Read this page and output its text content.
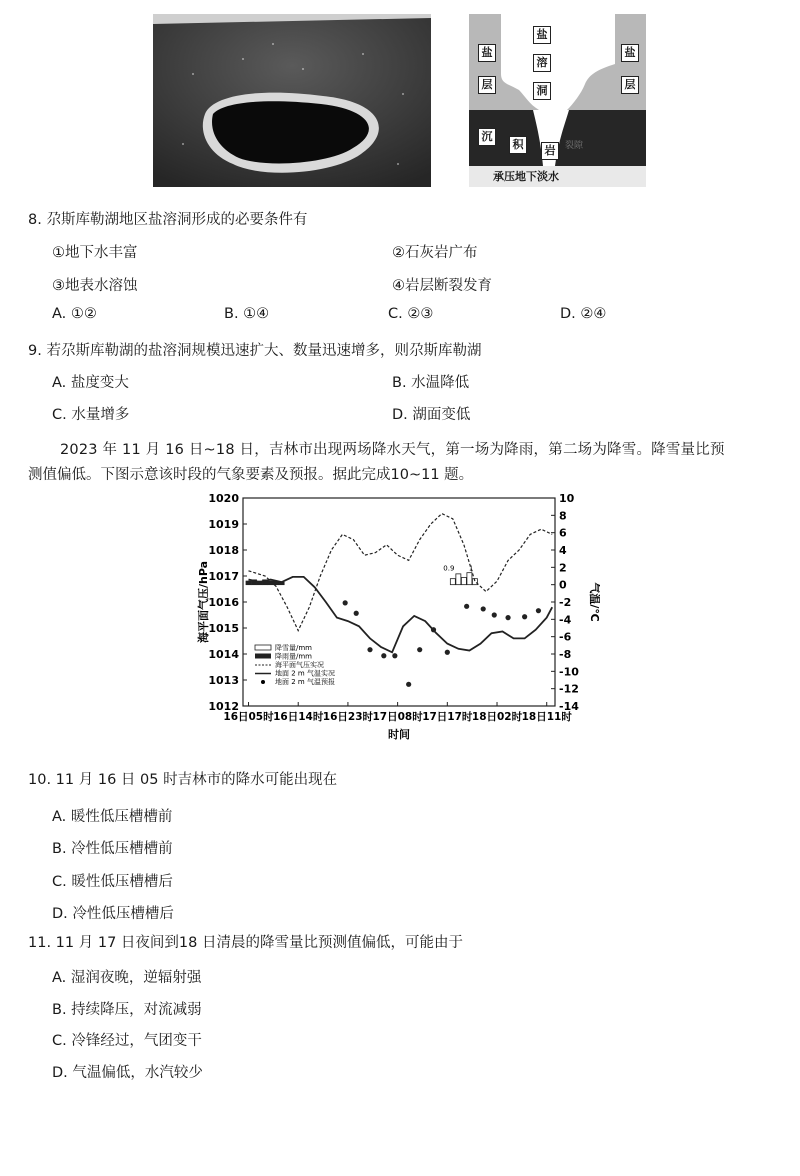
盐
溶
洞
盐
层
盐
层
沉
积	岩	裂隙
承压地下淡水
8. 尕斯库勒湖地区盐溶洞形成的必要条件有
①地下水丰富	②石灰岩广布
③地表水溶蚀	④岩层断裂发育
A. ①②	B. ①④	C. ②③	D. ②④
9. 若尕斯库勒湖的盐溶洞规模迅速扩大、数量迅速增多，则尕斯库勒湖
A. 盐度变大	B. 水温降低
C. 水量增多	D. 湖面变低
2023 年 11 月 16 日~18 日，吉林市出现两场降水天气，第一场为降雨，第二场为降雪。降雪量比预
测值偏低。下图示意该时段的气象要素及预报。据此完成10~11 题。
1012
1013
1014
1015
1016
1017
1018
1019
1020
-14
-12
-10
-8
-6
-4
-2
0
2
4
6
8
10
16日05时 16日14时 16日23时 17日08时 17日17时 18日02时 18日11时
海平面气压/hPa	气温/℃
时间
0.9 1
降雪量/mm
降雨量/mm
海平面气压实况
地面 2 m 气温实况
地面 2 m 气温预报
10. 11 月 16 日 05 时吉林市的降水可能出现在
A. 暖性低压槽槽前
B. 冷性低压槽槽前
C. 暖性低压槽槽后
D. 冷性低压槽槽后
11. 11 月 17 日夜间到18 日清晨的降雪量比预测值偏低，可能由于
A. 湿润夜晚，逆辐射强
B. 持续降压，对流减弱
C. 冷锋经过，气团变干
D. 气温偏低，水汽较少
